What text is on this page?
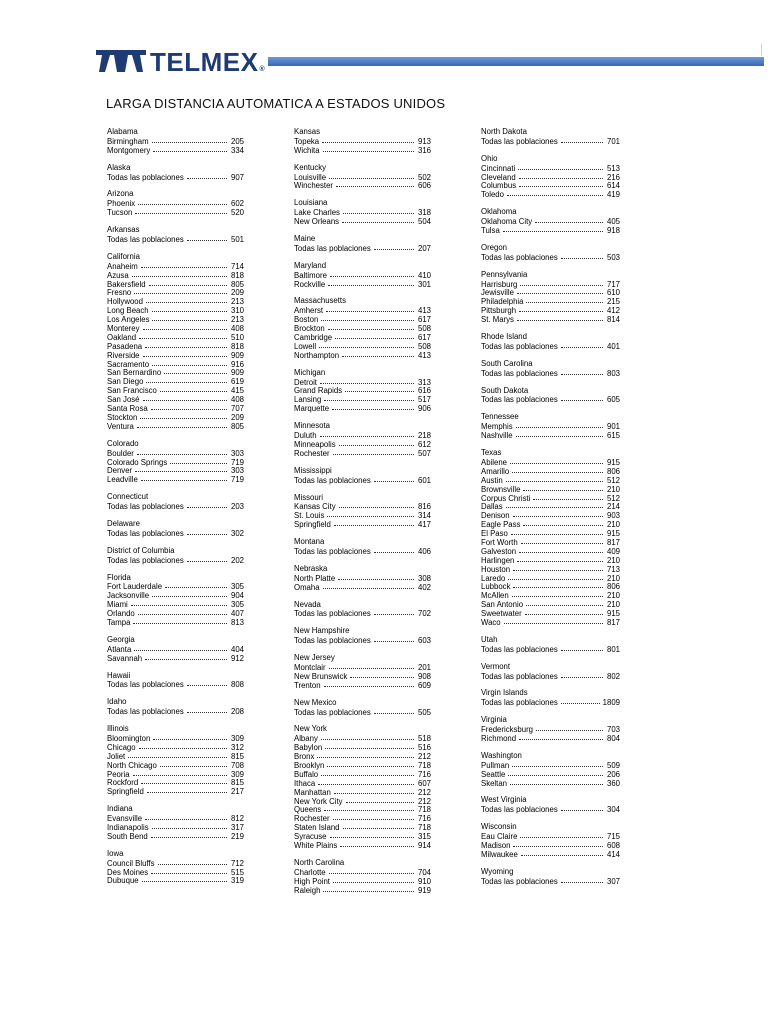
TELMEX®
LARGA DISTANCIA AUTOMATICA A ESTADOS UNIDOS
Alabama
Birmingham	205
Montgomery	334
Alaska
Todas las poblaciones	907
Arizona
Phoenix	602
Tucson	520
Arkansas
Todas las poblaciones	501
California
Anaheim	714
Azusa	818
Bakersfield	805
Fresno	209
Hollywood	213
Long Beach	310
Los Angeles	213
Monterey	408
Oakland	510
Pasadena	818
Riverside	909
Sacramento	916
San Bernardino	909
San Diego	619
San Francisco	415
San José	408
Santa Rosa	707
Stockton	209
Ventura	805
Colorado
Boulder	303
Colorado Springs	719
Denver	303
Leadville	719
Connecticut
Todas las poblaciones	203
Delaware
Todas las poblaciones	302
District of Columbia
Todas las poblaciones	202
Florida
Fort Lauderdale	305
Jacksonville	904
Miami	305
Orlando	407
Tampa	813
Georgia
Atlanta	404
Savannah	912
Hawaii
Todas las poblaciones	808
Idaho
Todas las poblaciones	208
Illinois
Bloomington	309
Chicago	312
Joliet	815
North Chicago	708
Peoria	309
Rockford	815
Springfield	217
Indiana
Evansville	812
Indianapolis	317
South Bend	219
Iowa
Council Bluffs	712
Des Moines	515
Dubuque	319
Kansas
Topeka	913
Wichita	316
Kentucky
Louisville	502
Winchester	606
Louisiana
Lake Charles	318
New Orleans	504
Maine
Todas las poblaciones	207
Maryland
Baltimore	410
Rockville	301
Massachusetts
Amherst	413
Boston	617
Brockton	508
Cambridge	617
Lowell	508
Northampton	413
Michigan
Detroit	313
Grand Rapids	616
Lansing	517
Marquette	906
Minnesota
Duluth	218
Minneapolis	612
Rochester	507
Mississippi
Todas las poblaciones	601
Missouri
Kansas City	816
St. Louis	314
Springfield	417
Montana
Todas las poblaciones	406
Nebraska
North Platte	308
Omaha	402
Nevada
Todas las poblaciones	702
New Hampshire
Todas las poblaciones	603
New Jersey
Montclair	201
New Brunswick	908
Trenton	609
New Mexico
Todas las poblaciones	505
New York
Albany	518
Babylon	516
Bronx	212
Brooklyn	718
Buffalo	716
Ithaca	607
Manhattan	212
New York City	212
Queens	718
Rochester	716
Staten Island	718
Syracuse	315
White Plains	914
North Carolina
Charlotte	704
High Point	910
Raleigh	919
North Dakota
Todas las poblaciones	701
Ohio
Cincinnati	513
Cleveland	216
Columbus	614
Toledo	419
Oklahoma
Oklahoma City	405
Tulsa	918
Oregon
Todas las poblaciones	503
Pennsylvania
Harrisburg	717
Jewisville	610
Philadelphia	215
Pittsburgh	412
St. Marys	814
Rhode Island
Todas las poblaciones	401
South Carolina
Todas las poblaciones	803
South Dakota
Todas las poblaciones	605
Tennessee
Memphis	901
Nashville	615
Texas
Abilene	915
Amarillo	806
Austin	512
Brownsville	210
Corpus Christi	512
Dallas	214
Denison	903
Eagle Pass	210
El Paso	915
Fort Worth	817
Galveston	409
Harlingen	210
Houston	713
Laredo	210
Lubbock	806
McAllen	210
San Antonio	210
Sweetwater	915
Waco	817
Utah
Todas las poblaciones	801
Vermont
Todas las poblaciones	802
Virgin Islands
Todas las poblaciones	1809
Virginia
Fredericksburg	703
Richmond	804
Washington
Pullman	509
Seattle	206
Skeltan	360
West Virginia
Todas las poblaciones	304
Wisconsin
Eau Claire	715
Madison	608
Milwaukee	414
Wyoming
Todas las poblaciones	307
